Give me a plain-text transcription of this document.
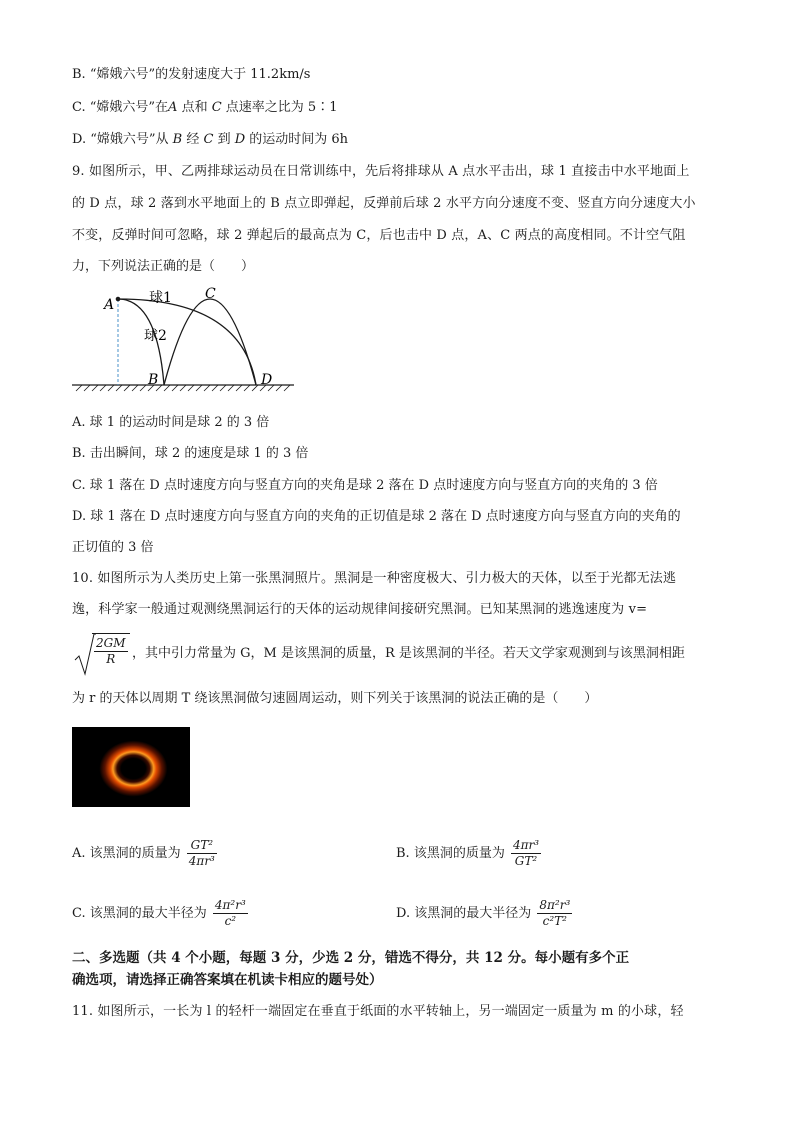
B. “嫦娥六号”的发射速度大于 11.2km/s
C. “嫦娥六号”在A 点和 C 点速率之比为 5∶1
D. “嫦娥六号”从 B 经 C 到 D 的运动时间为 6h
9. 如图所示，甲、乙两排球运动员在日常训练中，先后将排球从 A 点水平击出，球 1 直接击中水平地面上
的 D 点，球 2 落到水平地面上的 B 点立即弹起，反弹前后球 2 水平方向分速度不变、竖直方向分速度大小
不变，反弹时间可忽略，球 2 弹起后的最高点为 C，后也击中 D 点，A、C 两点的高度相同。不计空气阻
力，下列说法正确的是（　　）
A 球1
球2
C
B	D
A. 球 1 的运动时间是球 2 的 3 倍
B. 击出瞬间，球 2 的速度是球 1 的 3 倍
C. 球 1 落在 D 点时速度方向与竖直方向的夹角是球 2 落在 D 点时速度方向与竖直方向的夹角的 3 倍
D. 球 1 落在 D 点时速度方向与竖直方向的夹角的正切值是球 2 落在 D 点时速度方向与竖直方向的夹角的
正切值的 3 倍
10. 如图所示为人类历史上第一张黑洞照片。黑洞是一种密度极大、引力极大的天体，以至于光都无法逃
逸，科学家一般通过观测绕黑洞运行的天体的运动规律间接研究黑洞。已知某黑洞的逃逸速度为 v=
$\frac{2GM}{R}$ ，其中引力常量为 G，M 是该黑洞的质量，R 是该黑洞的半径。若天文学家观测到与该黑洞相距
为 r 的天体以周期 T 绕该黑洞做匀速圆周运动，则下列关于该黑洞的说法正确的是（　　）
A. 该黑洞的质量为 $\frac{\text{GT²}}{\text{4πr³}}$	B. 该黑洞的质量为 $\frac{\text{4πr³}}{\text{GT²}}$
C. 该黑洞的最大半径为 $\frac{\text{4π²r³}}{\text{c²}}$	D. 该黑洞的最大半径为 $\frac{\text{8π²r³}}{\text{c²T²}}$
二、多选题（共 4 个小题，每题 3 分，少选 2 分，错选不得分，共 12 分。每小题有多个正
确选项，请选择正确答案填在机读卡相应的题号处）
11. 如图所示，一长为 l 的轻杆一端固定在垂直于纸面的水平转轴上，另一端固定一质量为 m 的小球，轻
